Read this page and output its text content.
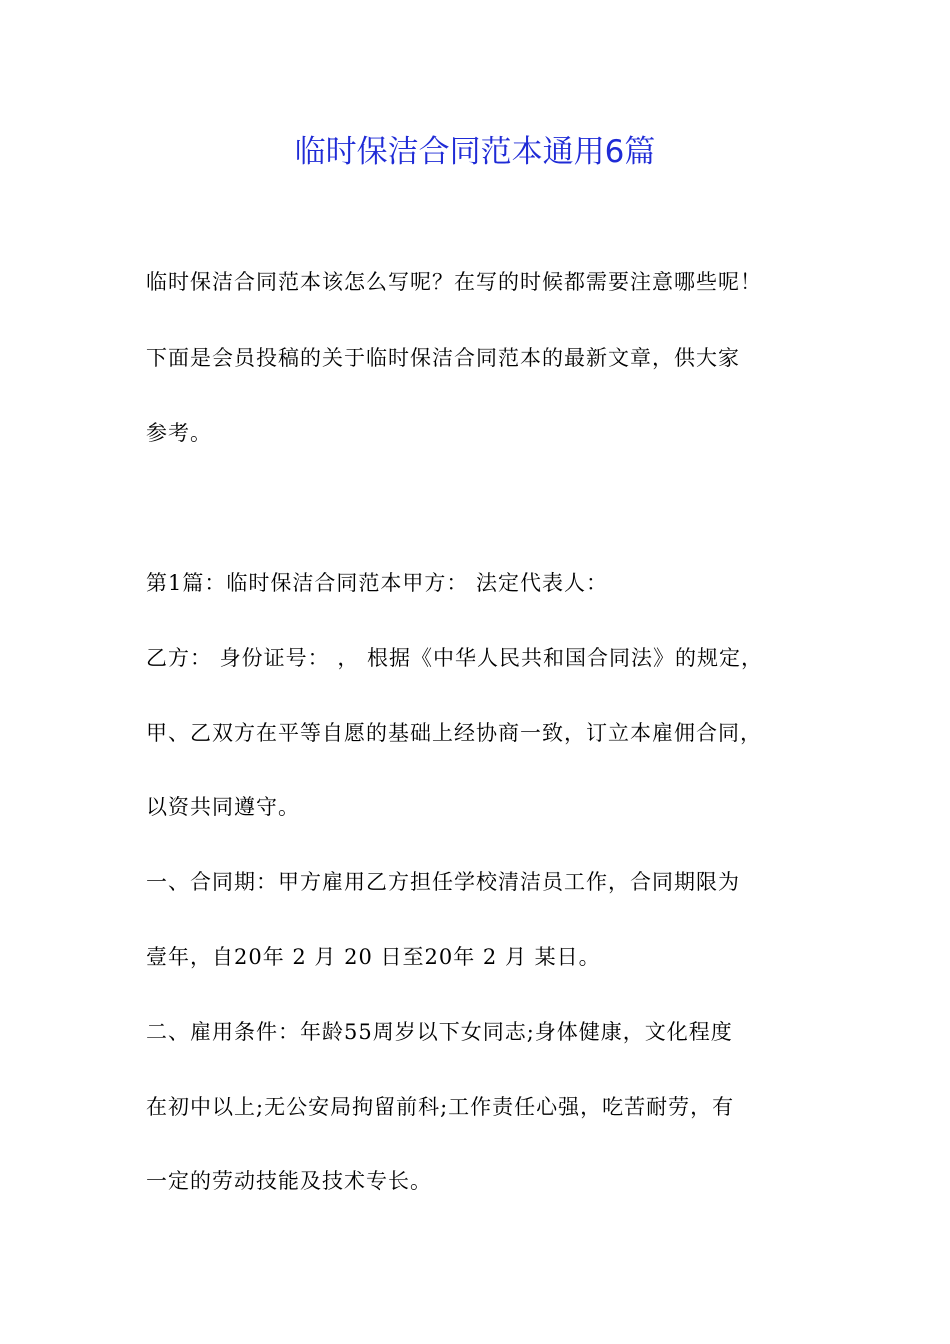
临时保洁合同范本通用6篇

临时保洁合同范本该怎么写呢？在写的时候都需要注意哪些呢！

下面是会员投稿的关于临时保洁合同范本的最新文章，供大家

参考。

第1篇：临时保洁合同范本甲方： 法定代表人：

乙方： 身份证号： ， 根据《中华人民共和国合同法》的规定，

甲、乙双方在平等自愿的基础上经协商一致，订立本雇佣合同，

以资共同遵守。

一、合同期：甲方雇用乙方担任学校清洁员工作，合同期限为

壹年，自20年 2 月 20 日至20年 2 月 某日。

二、雇用条件：年龄55周岁以下女同志;身体健康，文化程度

在初中以上;无公安局拘留前科;工作责任心强，吃苦耐劳，有

一定的劳动技能及技术专长。
